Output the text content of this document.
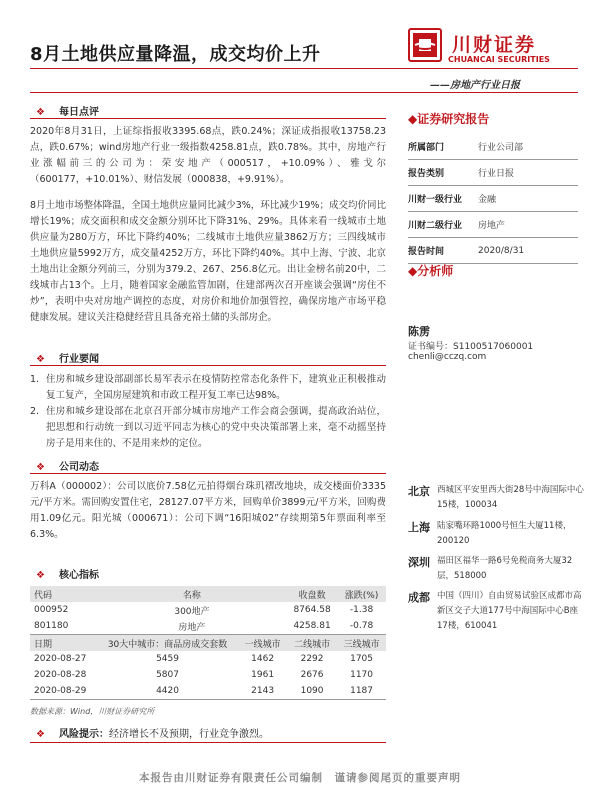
8月土地供应量降温，成交均价上升	川财证券
CHUANCAI SECURITIES
——房地产行业日报
❖ 每日点评

2020年8月31日，上证综指报收3395.68点，跌0.24%；深证成指报收13758.23点，跌0.67%；wind房地产行业一级指数4258.81点，跌0.78%。其中，房地产行业涨幅前三的公司为：荣安地产（000517，+10.09%）、雅戈尔（600177，+10.01%）、财信发展（000838，+9.91%）。

8月土地市场整体降温，全国土地供应量同比减少3%，环比减少19%；成交均价同比增长19%；成交面积和成交金额分别环比下降31%、29%。具体来看一线城市土地供应量为280万方，环比下降约40%；二线城市土地供应量3862万方；三四线城市土地供应量5992万方，成交量4252万方，环比下降约40%。其中上海、宁波、北京土地出让金额分列前三，分别为379.2、267、256.8亿元。出让金榜名前20中，二线城市占13个。上月，随着国家金融监管加剧，住建部两次召开座谈会强调“房住不炒”，表明中央对房地产调控的态度，对房价和地价加强管控，确保房地产市场平稳健康发展。建议关注稳健经营且具备充裕土储的头部房企。

❖ 行业要闻
1. 住房和城乡建设部副部长易军表示在疫情防控常态化条件下，建筑业正积极推动复工复产，全国房屋建筑和市政工程开复工率已达98%。
2. 住房和城乡建设部在北京召开部分城市房地产工作会商会强调，提高政治站位，把思想和行动统一到以习近平同志为核心的党中央决策部署上来，毫不动摇坚持房子是用来住的、不是用来炒的定位。
❖ 公司动态
万科A（000002）：公司以底价7.58亿元拍得烟台珠玑褶改地块，成交楼面价3335元/平方米。需回购安置住宅，28127.07平方米，回购单价3899元/平方米，回购费用1.09亿元。阳光城（000671）：公司下调“16阳城02”存续期第5年票面利率至6.3%。
❖ 核心指标
代码	名称		收盘数	涨跌(%)
000952	300地产		8764.58	-1.38
801180	房地产		4258.81	-0.78
日期	30大中城市：商品房成交套数	一线城市	二线城市	三线城市
2020-08-27	5459	1462	2292	1705
2020-08-28	5807	1961	2676	1170
2020-08-29	4420	2143	1090	1187
数据来源：Wind，川财证券研究所
❖ 风险提示：经济增长不及预期，行业竞争激烈。
◆证券研究报告
所属部门	行业公司部
报告类别	行业日报
川财一级行业	金融
川财二级行业	房地产
报告时间	2020/8/31
◆分析师
陈雳
证书编号：S1100517060001
chenli@cczq.com
北京 西城区平安里西大街28号中海国际中心15楼，100034
上海 陆家嘴环路1000号恒生大厦11楼，200120
深圳 福田区福华一路6号免税商务大厦32层，518000
成都 中国（四川）自由贸易试验区成都市高新区交子大道177号中海国际中心B座17楼，610041
本报告由川财证券有限责任公司编制　谨请参阅尾页的重要声明
